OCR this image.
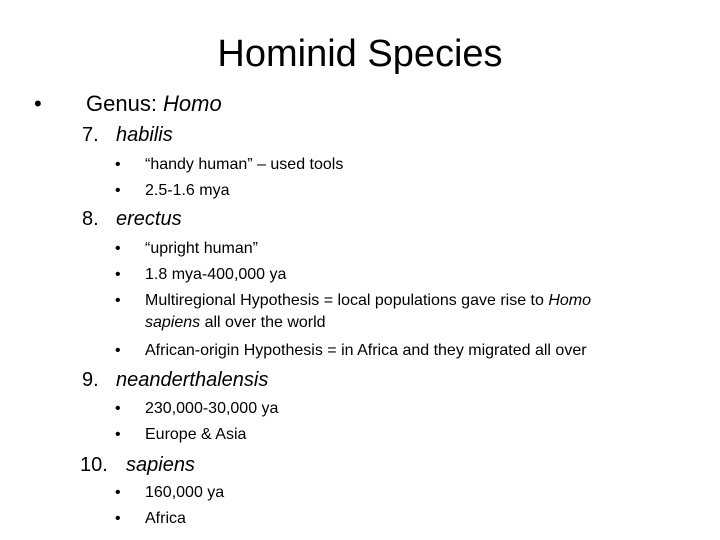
Hominid Species
• Genus: Homo
7. habilis
• “handy human” – used tools
• 2.5-1.6 mya
8. erectus
• “upright human”
• 1.8 mya-400,000 ya
• Multiregional Hypothesis = local populations gave rise to Homo
sapiens all over the world
• African-origin Hypothesis = in Africa and they migrated all over
9. neanderthalensis
• 230,000-30,000 ya
• Europe & Asia
10. sapiens
• 160,000 ya
• Africa
